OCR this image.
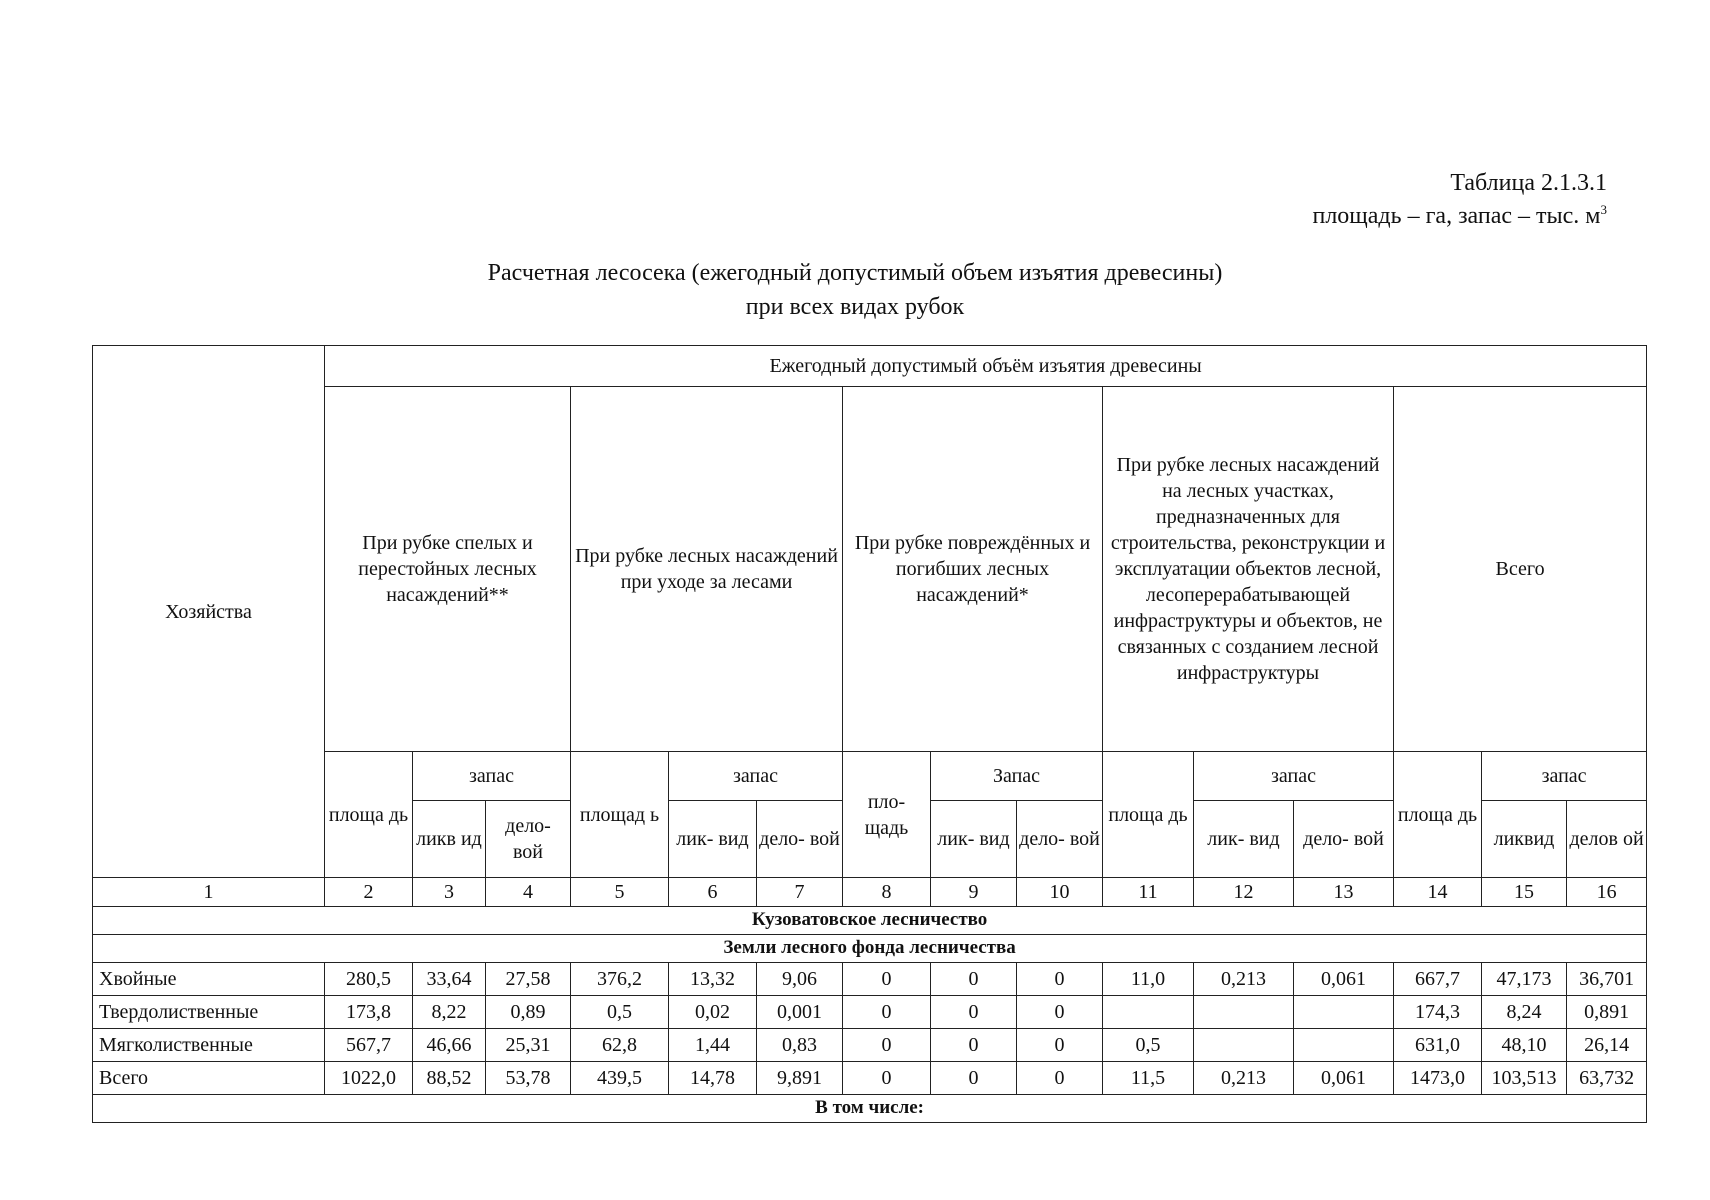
Таблица 2.1.3.1
площадь – га, запас – тыс. $м^3$
Расчетная лесосека (ежегодный допустимый объем изъятия древесины)
при всех видах рубок
Хозяйства	Ежегодный допустимый объём изъятия древесины														
	При рубке спелых и перестойных лесных насаждений**			При рубке лесных насаждений при уходе за лесами			При рубке повреждённых и погибших лесных насаждений*			При рубке лесных насаждений на лесных участках, предназначенных для строительства, реконструкции и эксплуатации объектов лесной, лесоперерабатывающей инфраструктуры и объектов, не связанных с созданием лесной инфраструктуры			Всего		
	площа дь	запас		площад ь	запас		пло- щадь	Запас		площа дь	запас		площа дь	запас	
		ликв ид	дело- вой		лик- вид	дело- вой		лик- вид	дело- вой		лик- вид	дело- вой		ликвид	делов ой
1	2	3	4	5	6	7	8	9	10	11	12	13	14	15	16
Кузоватовское лесничество															
Земли лесного фонда лесничества															
Хвойные	280,5	33,64	27,58	376,2	13,32	9,06	0	0	0	11,0	0,213	0,061	667,7	47,173	36,701
Твердолиственные	173,8	8,22	0,89	0,5	0,02	0,001	0	0	0				174,3	8,24	0,891
Мягколиственные	567,7	46,66	25,31	62,8	1,44	0,83	0	0	0	0,5			631,0	48,10	26,14
Всего	1022,0	88,52	53,78	439,5	14,78	9,891	0	0	0	11,5	0,213	0,061	1473,0	103,513	63,732
В том числе:															
